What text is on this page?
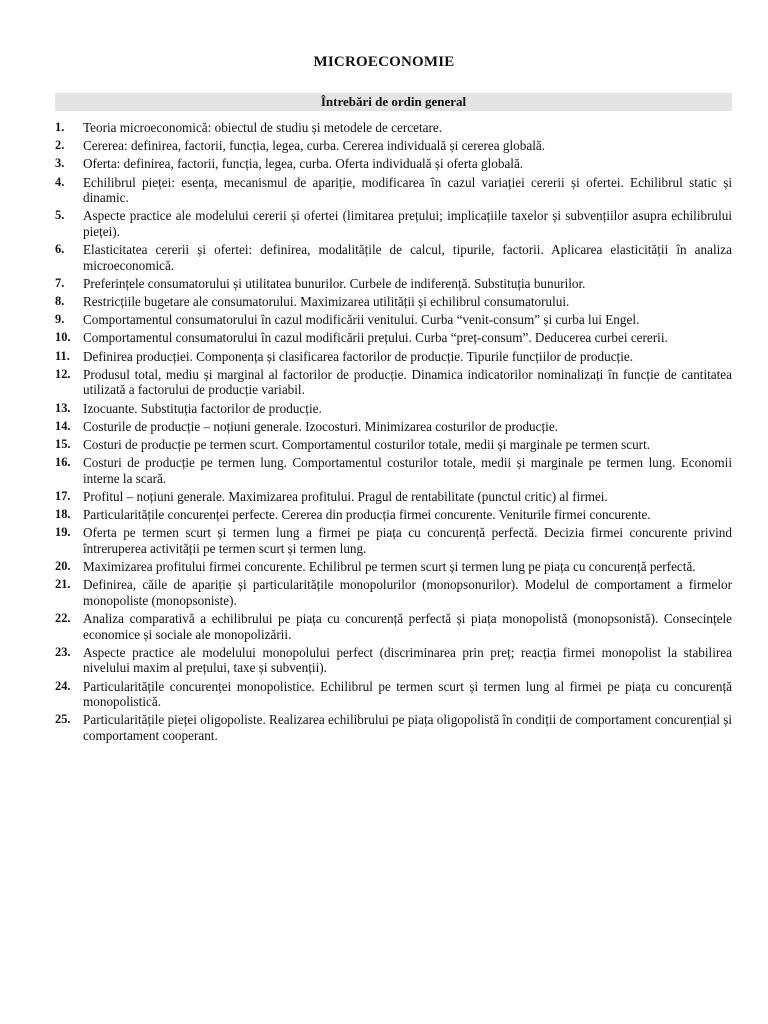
MICROECONOMIE
Întrebări de ordin general
1.	Teoria microeconomică: obiectul de studiu și metodele de cercetare.
2.	Cererea: definirea, factorii, funcția, legea, curba. Cererea individuală și cererea globală.
3.	Oferta: definirea, factorii, funcția, legea, curba. Oferta individuală și oferta globală.
4.	Echilibrul pieței: esența, mecanismul de apariție, modificarea în cazul variației cererii și ofertei. Echilibrul static și dinamic.
5.	Aspecte practice ale modelului cererii și ofertei (limitarea prețului; implicațiile taxelor și subvențiilor asupra echilibrului pieței).
6.	Elasticitatea cererii și ofertei: definirea, modalitățile de calcul, tipurile, factorii. Aplicarea elasticității în analiza microeconomică.
7.	Preferințele consumatorului și utilitatea bunurilor. Curbele de indiferență. Substituția bunurilor.
8.	Restricțiile bugetare ale consumatorului. Maximizarea utilității și echilibrul consumatorului.
9.	Comportamentul consumatorului în cazul modificării venitului. Curba “venit-consum” și curba lui Engel.
10. Comportamentul consumatorului în cazul modificării prețului. Curba “preț-consum”. Deducerea curbei cererii.
11. Definirea producției. Componența și clasificarea factorilor de producție. Tipurile funcțiilor de producție.
12. Produsul total, mediu și marginal al factorilor de producție. Dinamica indicatorilor nominalizați în funcție de cantitatea utilizată a factorului de producție variabil.
13. Izocuante. Substituția factorilor de producție.
14. Costurile de producție – noțiuni generale. Izocosturi. Minimizarea costurilor de producție.
15. Costuri de producție pe termen scurt. Comportamentul costurilor totale, medii și marginale pe termen scurt.
16. Costuri de producție pe termen lung. Comportamentul costurilor totale, medii și marginale pe termen lung. Economii interne la scară.
17. Profitul – noțiuni generale. Maximizarea profitului. Pragul de rentabilitate (punctul critic) al firmei.
18. Particularitățile concurenței perfecte. Cererea din producția firmei concurente. Veniturile firmei concurente.
19. Oferta pe termen scurt și termen lung a firmei pe piața cu concurență perfectă. Decizia firmei concurente privind întreruperea activității pe termen scurt și termen lung.
20. Maximizarea profitului firmei concurente. Echilibrul pe termen scurt și termen lung pe piața cu concurență perfectă.
21. Definirea, căile de apariție și particularitățile monopolurilor (monopsonurilor). Modelul de comportament a firmelor monopoliste (monopsoniste).
22. Analiza comparativă a echilibrului pe piața cu concurență perfectă și piața monopolistă (monopsonistă). Consecințele economice și sociale ale monopolizării.
23. Aspecte practice ale modelului monopolului perfect (discriminarea prin preț; reacția firmei monopolist la stabilirea nivelului maxim al prețului, taxe și subvenții).
24. Particularitățile concurenței monopolistice. Echilibrul pe termen scurt și termen lung al firmei pe piața cu concurență monopolistică.
25. Particularitățile pieței oligopoliste. Realizarea echilibrului pe piața oligopolistă în condiții de comportament concurențial și comportament cooperant.
